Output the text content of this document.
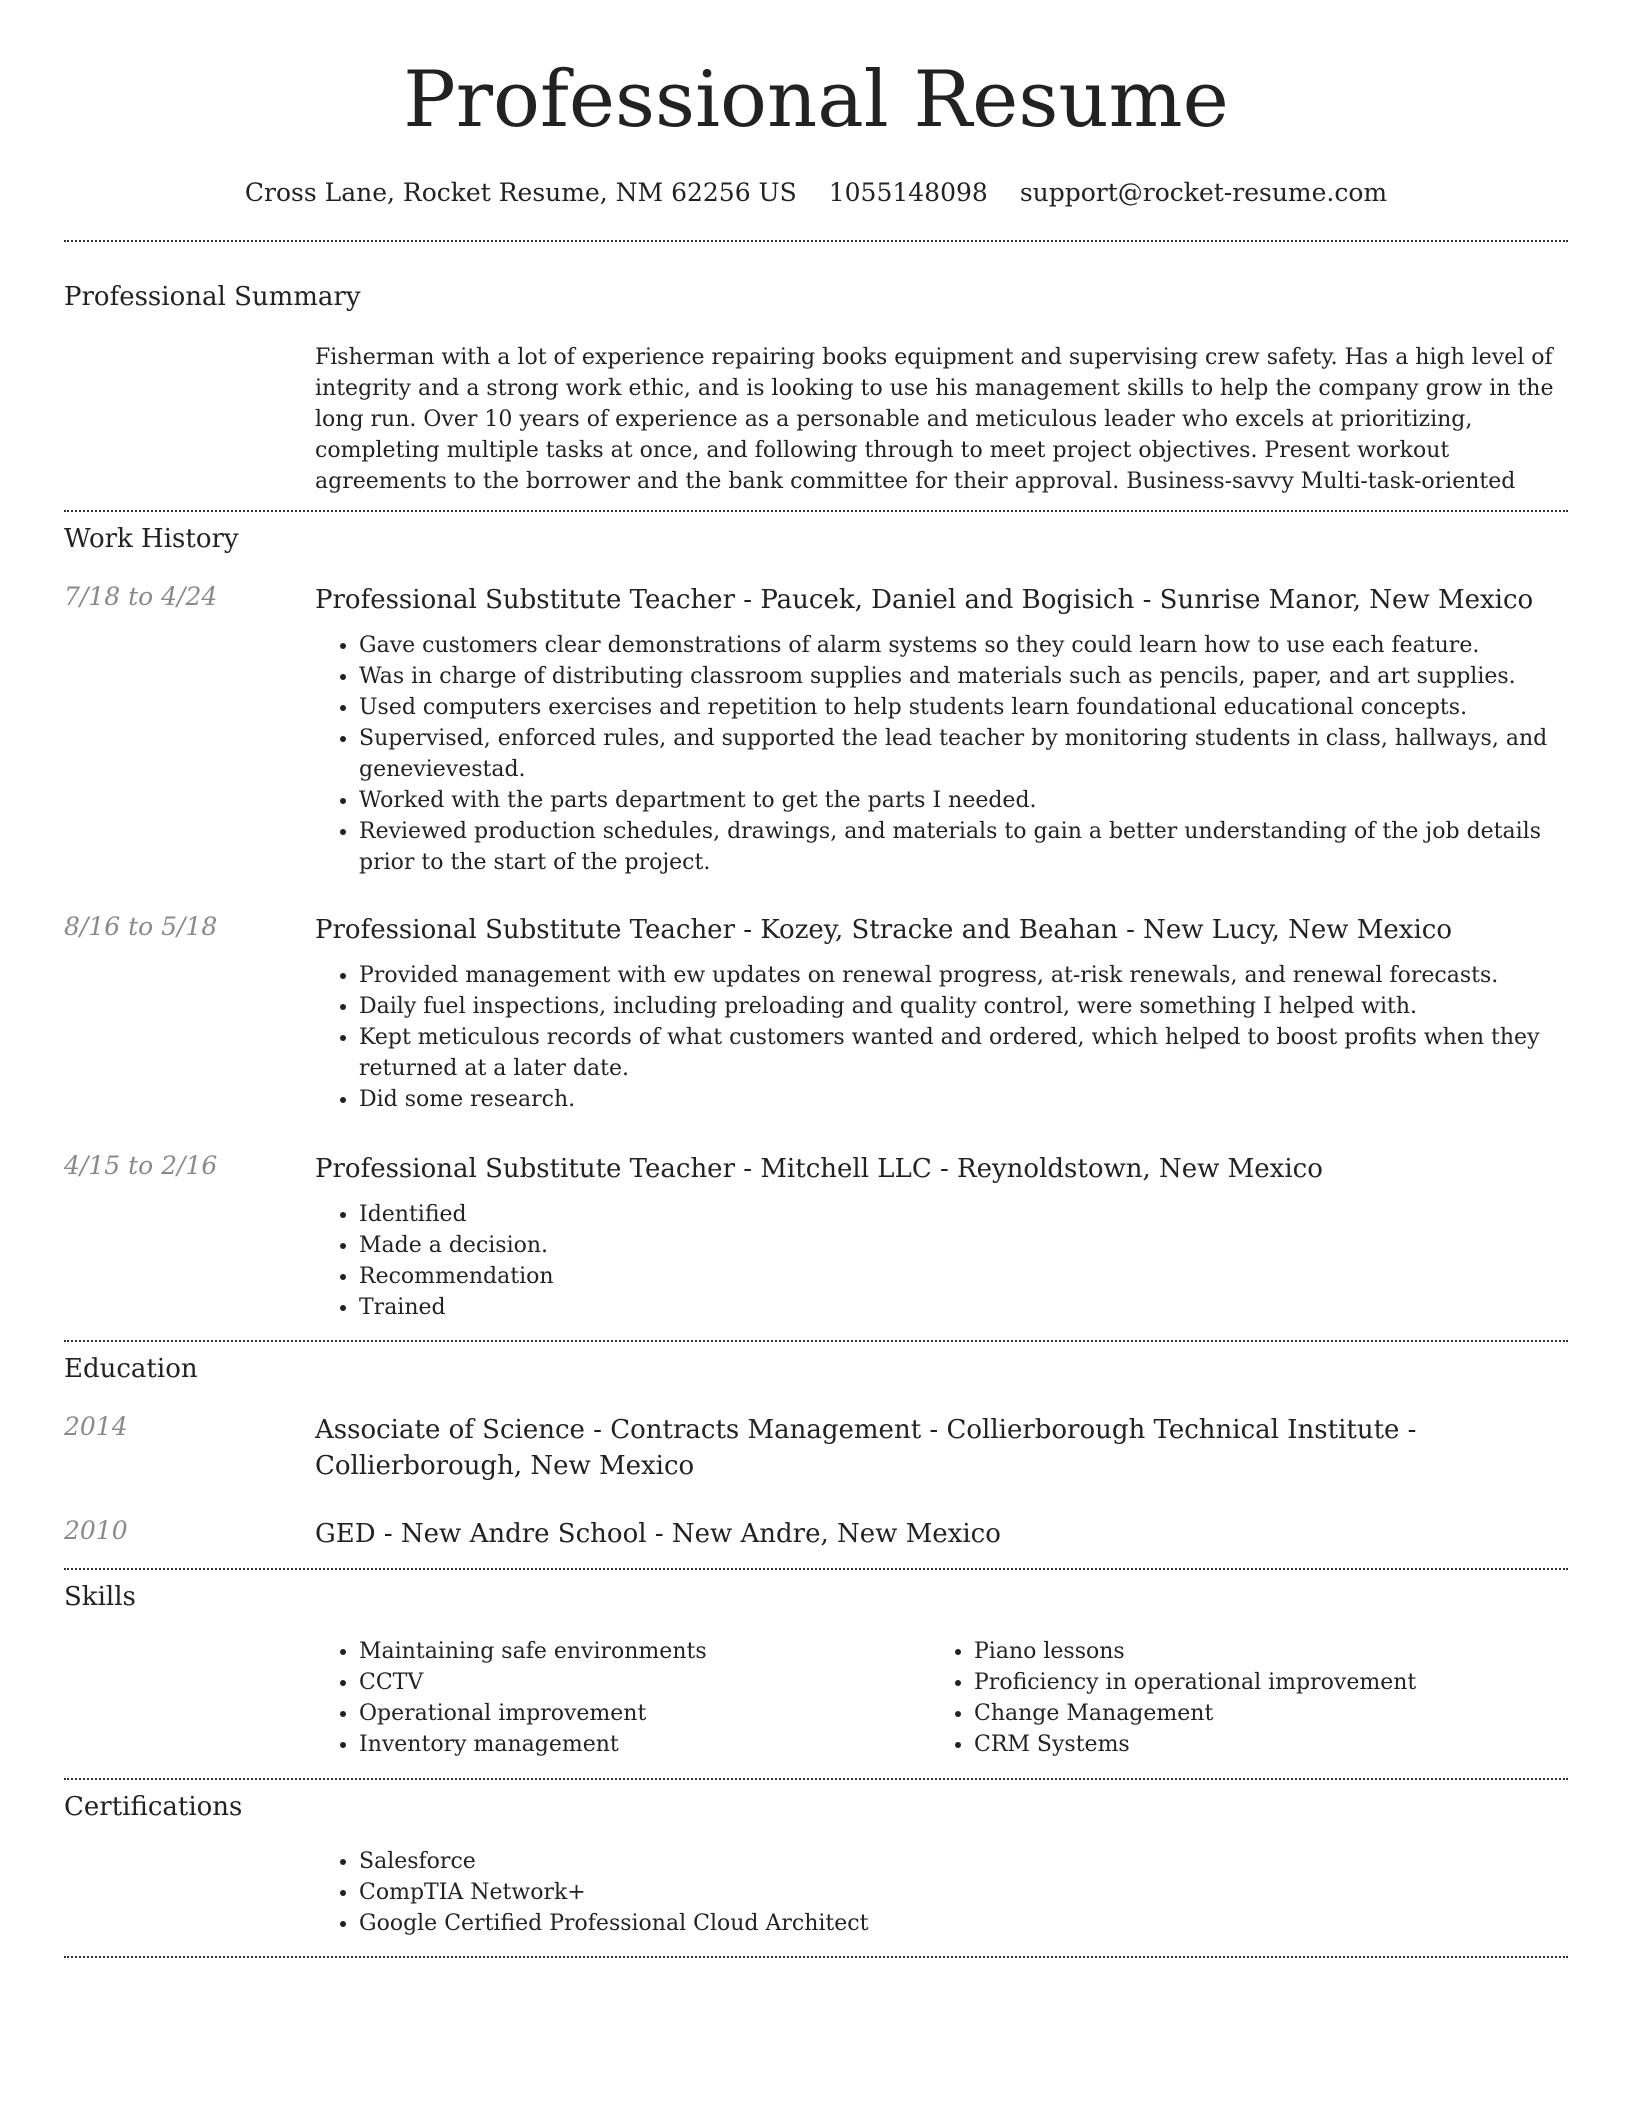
Professional Resume
Cross Lane, Rocket Resume, NM 62256 US 1055148098 support@rocket-resume.com
Professional Summary
Fisherman with a lot of experience repairing books equipment and supervising crew safety. Has a high level of integrity and a strong work ethic, and is looking to use his management skills to help the company grow in the long run. Over 10 years of experience as a personable and meticulous leader who excels at prioritizing, completing multiple tasks at once, and following through to meet project objectives. Present workout agreements to the borrower and the bank committee for their approval. Business-savvy Multi-task-oriented
Work History
7/18 to 4/24	Professional Substitute Teacher - Paucek, Daniel and Bogisich - Sunrise Manor, New Mexico
• Gave customers clear demonstrations of alarm systems so they could learn how to use each feature.
• Was in charge of distributing classroom supplies and materials such as pencils, paper, and art supplies.
• Used computers exercises and repetition to help students learn foundational educational concepts.
• Supervised, enforced rules, and supported the lead teacher by monitoring students in class, hallways, and genevievestad.
• Worked with the parts department to get the parts I needed.
• Reviewed production schedules, drawings, and materials to gain a better understanding of the job details prior to the start of the project.
8/16 to 5/18	Professional Substitute Teacher - Kozey, Stracke and Beahan - New Lucy, New Mexico
• Provided management with ew updates on renewal progress, at-risk renewals, and renewal forecasts.
• Daily fuel inspections, including preloading and quality control, were something I helped with.
• Kept meticulous records of what customers wanted and ordered, which helped to boost profits when they returned at a later date.
• Did some research.
4/15 to 2/16	Professional Substitute Teacher - Mitchell LLC - Reynoldstown, New Mexico
• Identified
• Made a decision.
• Recommendation
• Trained
Education
2014	Associate of Science - Contracts Management - Collierborough Technical Institute - Collierborough, New Mexico
2010	GED - New Andre School - New Andre, New Mexico
Skills
• Maintaining safe environments
• CCTV
• Operational improvement
• Inventory management
• Piano lessons
• Proficiency in operational improvement
• Change Management
• CRM Systems
Certifications
• Salesforce
• CompTIA Network+
• Google Certified Professional Cloud Architect
